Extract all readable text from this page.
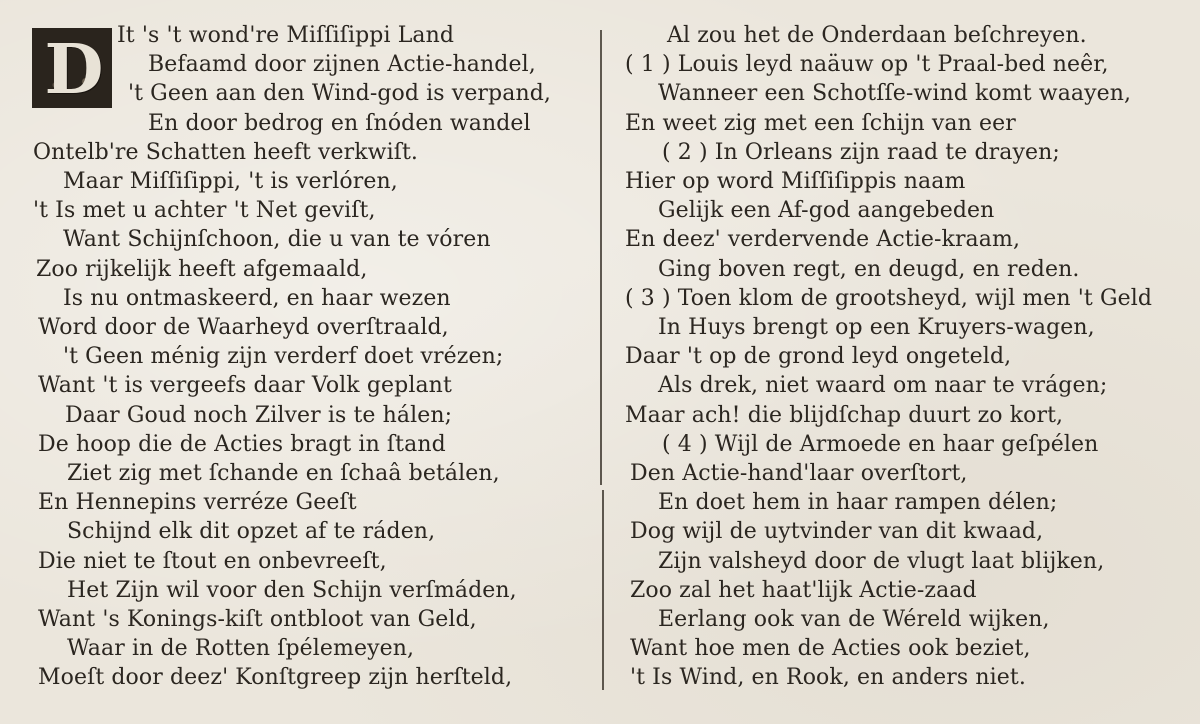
D It 's 't wond're Miſſiſippi Land
Befaamd door zijnen Actie-handel,
't Geen aan den Wind-god is verpand,
En door bedrog en ſnóden wandel
Ontelb're Schatten heeft verkwiſt.
Maar Miſſiſippi, 't is verlóren,
't Is met u achter 't Net geviſt,
Want Schijnſchoon, die u van te vóren
Zoo rijkelijk heeft afgemaald,
Is nu ontmaskeerd, en haar wezen
Word door de Waarheyd overſtraald,
't Geen ménig zijn verderf doet vrézen;
Want 't is vergeefs daar Volk geplant
Daar Goud noch Zilver is te hálen;
De hoop die de Acties bragt in ſtand
Ziet zig met ſchande en ſchaâ betálen,
En Hennepins verréze Geeſt
Schijnd elk dit opzet af te ráden,
Die niet te ſtout en onbevreeſt,
Het Zijn wil voor den Schijn verſmáden,
Want 's Konings-kiſt ontbloot van Geld,
Waar in de Rotten ſpélemeyen,
Moeſt door deez' Konſtgreep zijn herſteld,
Al zou het de Onderdaan beſchreyen.
( 1 ) Louis leyd naäuw op 't Praal-bed neêr,
Wanneer een Schotſſe-wind komt waayen,
En weet zig met een ſchijn van eer
( 2 ) In Orleans zijn raad te drayen;
Hier op word Miſſiſippis naam
Gelijk een Af-god aangebeden
En deez' verdervende Actie-kraam,
Ging boven regt, en deugd, en reden.
( 3 ) Toen klom de grootsheyd, wijl men 't Geld
In Huys brengt op een Kruyers-wagen,
Daar 't op de grond leyd ongeteld,
Als drek, niet waard om naar te vrágen;
Maar ach! die blijdſchap duurt zo kort,
( 4 ) Wijl de Armoede en haar geſpélen
Den Actie-hand'laar overſtort,
En doet hem in haar rampen délen;
Dog wijl de uytvinder van dit kwaad,
Zijn valsheyd door de vlugt laat blijken,
Zoo zal het haat'lijk Actie-zaad
Eerlang ook van de Wéreld wijken,
Want hoe men de Acties ook beziet,
't Is Wind, en Rook, en anders niet.
